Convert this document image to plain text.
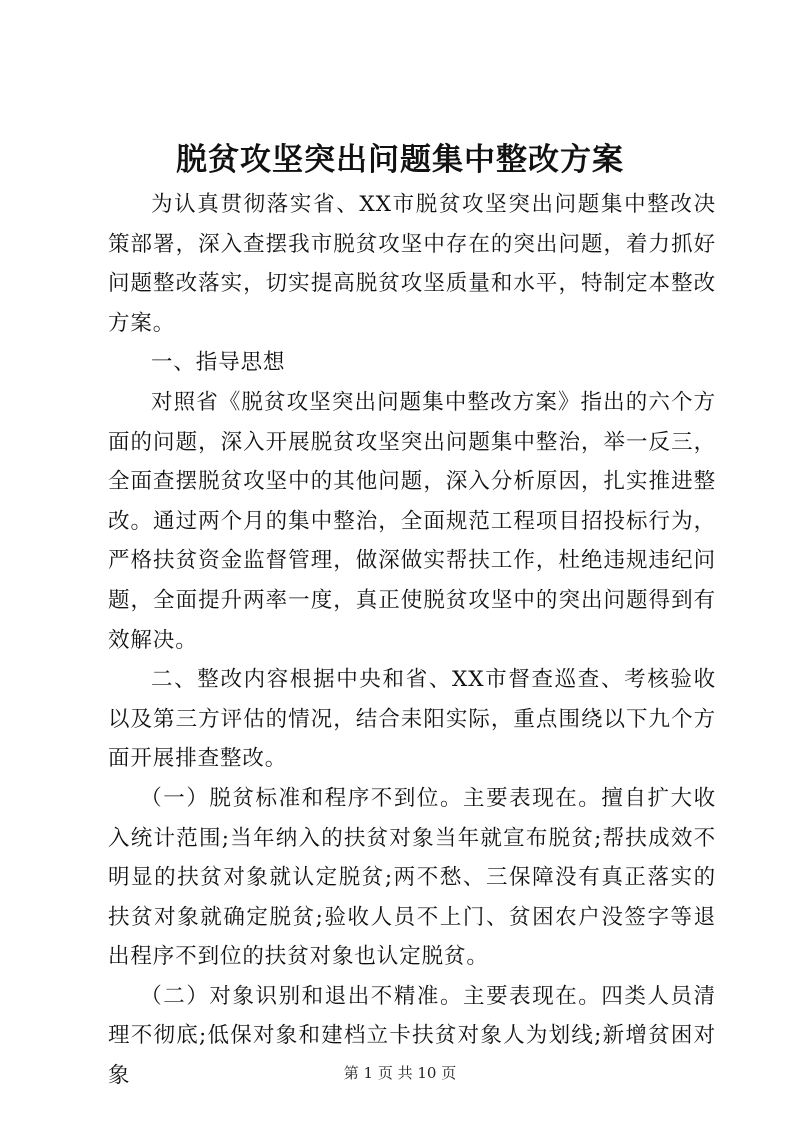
脱贫攻坚突出问题集中整改方案

为认真贯彻落实省、XX市脱贫攻坚突出问题集中整改决策部署，深入查摆我市脱贫攻坚中存在的突出问题，着力抓好问题整改落实，切实提高脱贫攻坚质量和水平，特制定本整改方案。

一、指导思想

对照省《脱贫攻坚突出问题集中整改方案》指出的六个方面的问题，深入开展脱贫攻坚突出问题集中整治，举一反三，全面查摆脱贫攻坚中的其他问题，深入分析原因，扎实推进整改。通过两个月的集中整治，全面规范工程项目招投标行为，严格扶贫资金监督管理，做深做实帮扶工作，杜绝违规违纪问题，全面提升两率一度，真正使脱贫攻坚中的突出问题得到有效解决。

二、整改内容根据中央和省、XX市督查巡查、考核验收以及第三方评估的情况，结合耒阳实际，重点围绕以下九个方面开展排查整改。

（一）脱贫标准和程序不到位。主要表现在。擅自扩大收入统计范围;当年纳入的扶贫对象当年就宣布脱贫;帮扶成效不明显的扶贫对象就认定脱贫;两不愁、三保障没有真正落实的扶贫对象就确定脱贫;验收人员不上门、贫困农户没签字等退出程序不到位的扶贫对象也认定脱贫。

（二）对象识别和退出不精准。主要表现在。四类人员清理不彻底;低保对象和建档立卡扶贫对象人为划线;新增贫困对象	第 1 页 共 10 页
